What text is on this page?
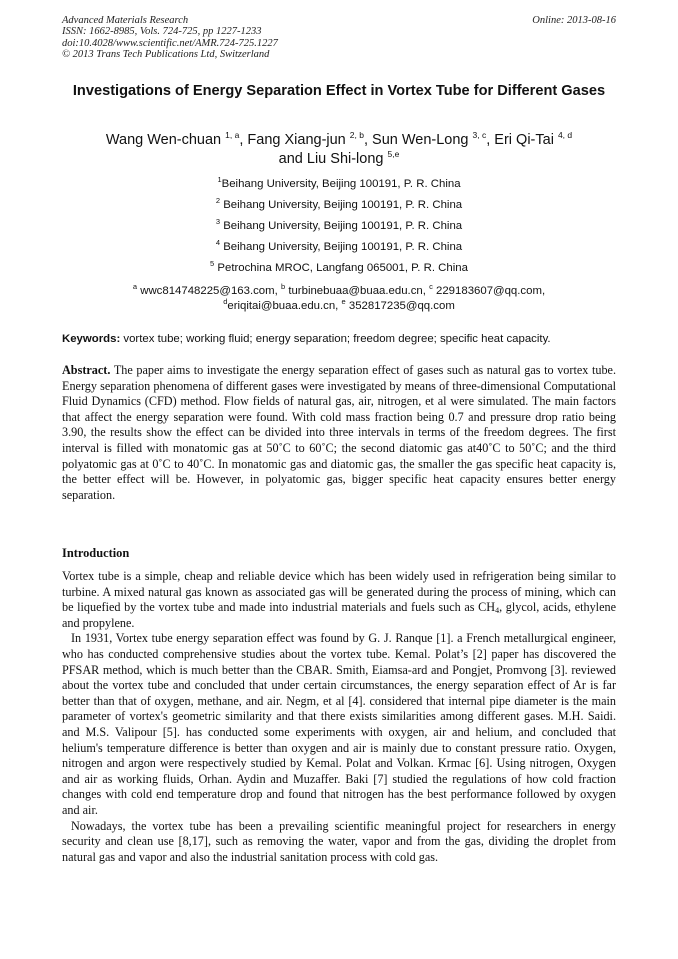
Advanced Materials Research
ISSN: 1662-8985, Vols. 724-725, pp 1227-1233
doi:10.4028/www.scientific.net/AMR.724-725.1227
© 2013 Trans Tech Publications Ltd, Switzerland
Online: 2013-08-16
Investigations of Energy Separation Effect in Vortex Tube for Different Gases
Wang Wen-chuan $^{1, a}$, Fang Xiang-jun $^{2, b}$, Sun Wen-Long $^{3, c}$, Eri Qi-Tai $^{4, d}$
and Liu Shi-long $^{5,e}$
$^1$Beihang University, Beijing 100191, P. R. China
$^2$ Beihang University, Beijing 100191, P. R. China
$^3$ Beihang University, Beijing 100191, P. R. China
$^4$ Beihang University, Beijing 100191, P. R. China
$^5$ Petrochina MROC, Langfang 065001, P. R. China
$^a$ wwc814748225@163.com, $^b$ turbinebuaa@buaa.edu.cn, $^c$ 229183607@qq.com,
$^d$eriqitai@buaa.edu.cn, $^e$ 352817235@qq.com
Keywords: vortex tube; working fluid; energy separation; freedom degree; specific heat capacity.
Abstract. The paper aims to investigate the energy separation effect of gases such as natural gas to vortex tube. Energy separation phenomena of different gases were investigated by means of three-dimensional Computational Fluid Dynamics (CFD) method. Flow fields of natural gas, air, nitrogen, et al were simulated. The main factors that affect the energy separation were found. With cold mass fraction being 0.7 and pressure drop ratio being 3.90, the results show the effect can be divided into three intervals in terms of the freedom degrees. The first interval is filled with monatomic gas at 50˚C to 60˚C; the second diatomic gas at40˚C to 50˚C; and the third polyatomic gas at 0˚C to 40˚C. In monatomic gas and diatomic gas, the smaller the gas specific heat capacity is, the better effect will be. However, in polyatomic gas, bigger specific heat capacity ensures better energy separation.
Introduction

Vortex tube is a simple, cheap and reliable device which has been widely used in refrigeration being similar to turbine. A mixed natural gas known as associated gas will be generated during the process of mining, which can be liquefied by the vortex tube and made into industrial materials and fuels such as $CH_4$, glycol, acids, ethylene and propylene.

In 1931, Vortex tube energy separation effect was found by G. J. Ranque [1]. a French metallurgical engineer, who has conducted comprehensive studies about the vortex tube. Kemal. Polat’s [2] paper has discovered the PFSAR method, which is much better than the CBAR. Smith, Eiamsa-ard and Pongjet, Promvong [3]. reviewed about the vortex tube and concluded that under certain circumstances, the energy separation effect of Ar is far better than that of oxygen, methane, and air. Negm, et al [4]. considered that internal pipe diameter is the main parameter of vortex's geometric similarity and that there exists similarities among different gases. M.H. Saidi. and M.S. Valipour [5]. has conducted some experiments with oxygen, air and helium, and concluded that helium's temperature difference is better than oxygen and air is mainly due to constant pressure ratio. Oxygen, nitrogen and argon were respectively studied by Kemal. Polat and Volkan. Krmac [6]. Using nitrogen, Oxygen and air as working fluids, Orhan. Aydin and Muzaffer. Baki [7] studied the regulations of how cold fraction changes with cold end temperature drop and found that nitrogen has the best performance followed by oxygen and air.

Nowadays, the vortex tube has been a prevailing scientific meaningful project for researchers in energy security and clean use [8,17], such as removing the water, vapor and from the gas, dividing the droplet from natural gas and vapor and also the industrial sanitation process with cold gas.
